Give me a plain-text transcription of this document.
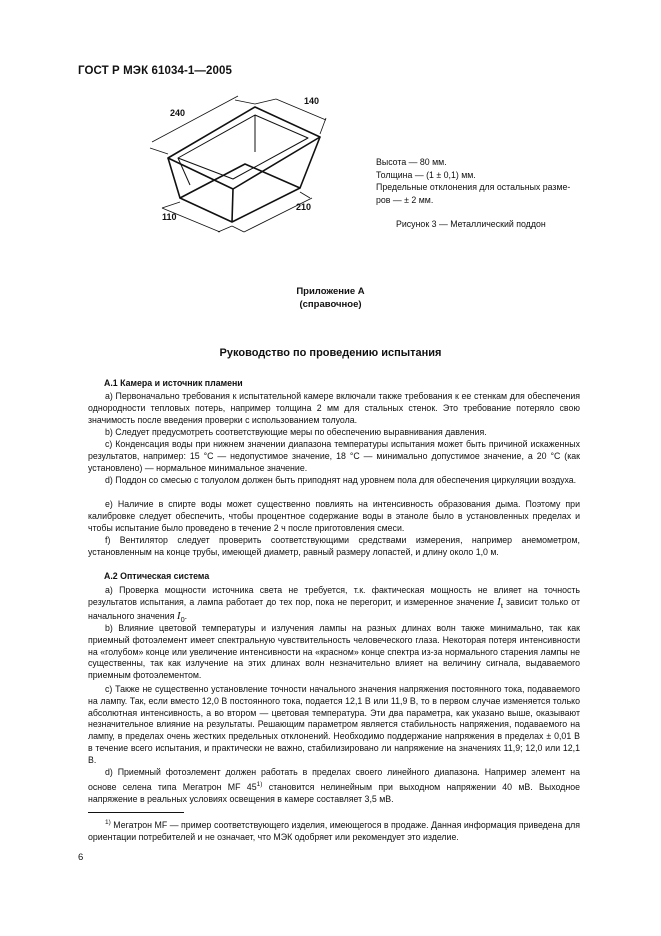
ГОСТ Р МЭК 61034-1—2005
240
140
110
210
Высота — 80 мм.
Толщина — (1 ± 0,1) мм.
Предельные отклонения для остальных разме-
ров — ± 2 мм.
Рисунок 3 — Металлический поддон
Приложение А
(справочное)
Руководство по проведению испытания
А.1 Камера и источник пламени
а) Первоначально требования к испытательной камере включали также требования к ее стенкам для обеспечения однородности тепловых потерь, например толщина 2 мм для стальных стенок. Это требование потеряло свою значимость после введения проверки с использованием толуола.
b) Следует предусмотреть соответствующие меры по обеспечению выравнивания давления.
c) Конденсация воды при нижнем значении диапазона температуры испытания может быть причиной искаженных результатов, например: 15 °С — недопустимое значение, 18 °С — минимально допустимое значение, а 20 °С (как установлено) — нормальное минимальное значение.
d) Поддон со смесью с толуолом должен быть приподнят над уровнем пола для обеспечения циркуляции воздуха.
e) Наличие в спирте воды может существенно повлиять на интенсивность образования дыма. Поэтому при калибровке следует обеспечить, чтобы процентное содержание воды в этаноле было в установленных пределах и чтобы испытание было проведено в течение 2 ч после приготовления смеси.
f) Вентилятор следует проверить соответствующими средствами измерения, например анемометром, установленным на конце трубы, имеющей диаметр, равный размеру лопастей, и длину около 1,0 м.
А.2 Оптическая система
а) Проверка мощности источника света не требуется, т.к. фактическая мощность не влияет на точность результатов испытания, а лампа работает до тех пор, пока не перегорит, и измеренное значение $I_t$ зависит только от начального значения $I_0$.
b) Влияние цветовой температуры и излучения лампы на разных длинах волн также минимально, так как приемный фотоэлемент имеет спектральную чувствительность человеческого глаза. Некоторая потеря интенсивности на «голубом» конце или увеличение интенсивности на «красном» конце спектра из-за нормального старения лампы не существенны, так как излучение на этих длинах волн незначительно влияет на величину сигнала, выдаваемого приемным фотоэлементом.
c) Также не существенно установление точности начального значения напряжения постоянного тока, подаваемого на лампу. Так, если вместо 12,0 В постоянного тока, подается 12,1 В или 11,9 В, то в первом случае изменяется только абсолютная интенсивность, а во втором — цветовая температура. Эти два параметра, как указано выше, оказывают незначительное влияние на результаты. Решающим параметром является стабильность напряжения, подаваемого на лампу, в пределах очень жестких предельных отклонений. Необходимо поддержание напряжения в пределах ± 0,01 В в течение всего испытания, и практически не важно, стабилизировано ли напряжение на значениях 11,9; 12,0 или 12,1 В.
d) Приемный фотоэлемент должен работать в пределах своего линейного диапазона. Например элемент на основе селена типа Мегатрон MF 45$^{1)}$ становится нелинейным при выходном напряжении 40 мВ. Выходное напряжение в реальных условиях освещения в камере составляет 3,5 мВ.
$^{1)}$ Мегатрон MF — пример соответствующего изделия, имеющегося в продаже. Данная информация приведена для ориентации потребителей и не означает, что МЭК одобряет или рекомендует это изделие.
6
